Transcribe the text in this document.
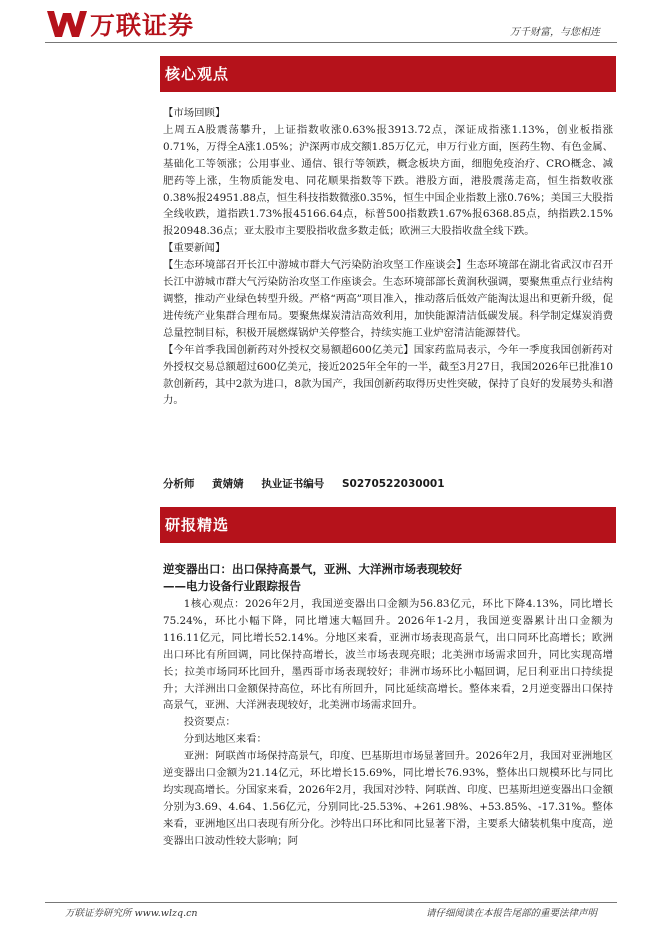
万联证券	万千财富，与您相连
核心观点
【市场回顾】

上周五A股震荡攀升，上证指数收涨0.63%报3913.72点，深证成指涨1.13%，创业板指涨0.71%，万得全A涨1.05%；沪深两市成交额1.85万亿元，申万行业方面，医药生物、有色金属、基础化工等领涨；公用事业、通信、银行等领跌，概念板块方面，细胞免疫治疗、CRO概念、减肥药等上涨，生物质能发电、同花顺果指数等下跌。港股方面，港股震荡走高，恒生指数收涨0.38%报24951.88点，恒生科技指数微涨0.35%，恒生中国企业指数上涨0.76%；美国三大股指全线收跌，道指跌1.73%报45166.64点，标普500指数跌1.67%报6368.85点，纳指跌2.15%报20948.36点；亚太股市主要股指收盘多数走低；欧洲三大股指收盘全线下跌。

【重要新闻】

【生态环境部召开长江中游城市群大气污染防治攻坚工作座谈会】生态环境部在湖北省武汉市召开长江中游城市群大气污染防治攻坚工作座谈会。生态环境部部长黄润秋强调，要聚焦重点行业结构调整，推动产业绿色转型升级。严格“两高”项目准入，推动落后低效产能淘汰退出和更新升级，促进传统产业集群合理布局。要聚焦煤炭清洁高效利用，加快能源清洁低碳发展。科学制定煤炭消费总量控制目标，积极开展燃煤锅炉关停整合，持续实施工业炉窑清洁能源替代。

【今年首季我国创新药对外授权交易额超600亿美元】国家药监局表示，今年一季度我国创新药对外授权交易总额超过600亿美元，接近2025年全年的一半，截至3月27日，我国2026年已批准10款创新药，其中2款为进口，8款为国产，我国创新药取得历史性突破，保持了良好的发展势头和潜力。

分析师 黄婧婧 执业证书编号 S0270522030001
研报精选
逆变器出口：出口保持高景气，亚洲、大洋洲市场表现较好
——电力设备行业跟踪报告

1核心观点：2026年2月，我国逆变器出口金额为56.83亿元，环比下降4.13%，同比增长75.24%，环比小幅下降，同比增速大幅回升。2026年1-2月，我国逆变器累计出口金额为116.11亿元，同比增长52.14%。分地区来看，亚洲市场表现高景气，出口同环比高增长；欧洲出口环比有所回调，同比保持高增长，波兰市场表现亮眼；北美洲市场需求回升，同比实现高增长；拉美市场同环比回升，墨西哥市场表现较好；非洲市场环比小幅回调，尼日利亚出口持续提升；大洋洲出口金额保持高位，环比有所回升，同比延续高增长。整体来看，2月逆变器出口保持高景气，亚洲、大洋洲表现较好，北美洲市场需求回升。

投资要点：

分到达地区来看：

亚洲：阿联酋市场保持高景气，印度、巴基斯坦市场显著回升。2026年2月，我国对亚洲地区逆变器出口金额为21.14亿元，环比增长15.69%，同比增长76.93%，整体出口规模环比与同比均实现高增长。分国家来看，2026年2月，我国对沙特、阿联酋、印度、巴基斯坦逆变器出口金额分别为3.69、4.64、1.56亿元，分别同比-25.53%、+261.98%、+53.85%、-17.31%。整体来看，亚洲地区出口表现有所分化。沙特出口环比和同比显著下滑，主要系大储装机集中度高，逆变器出口波动性较大影响；阿

万联证券研究所 www.wlzq.cn	请仔细阅读在本报告尾部的重要法律声明
